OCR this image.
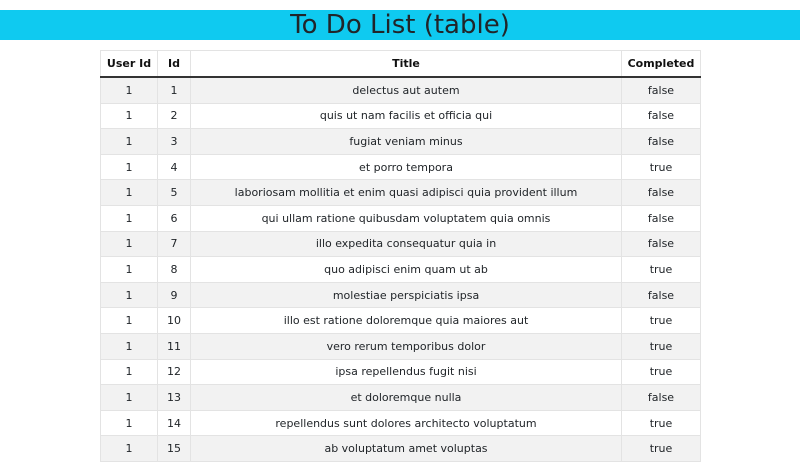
To Do List (table)
User Id	Id	Title	Completed
1	1	delectus aut autem	false
1	2	quis ut nam facilis et officia qui	false
1	3	fugiat veniam minus	false
1	4	et porro tempora	true
1	5	laboriosam mollitia et enim quasi adipisci quia provident illum	false
1	6	qui ullam ratione quibusdam voluptatem quia omnis	false
1	7	illo expedita consequatur quia in	false
1	8	quo adipisci enim quam ut ab	true
1	9	molestiae perspiciatis ipsa	false
1	10	illo est ratione doloremque quia maiores aut	true
1	11	vero rerum temporibus dolor	true
1	12	ipsa repellendus fugit nisi	true
1	13	et doloremque nulla	false
1	14	repellendus sunt dolores architecto voluptatum	true
1	15	ab voluptatum amet voluptas	true
